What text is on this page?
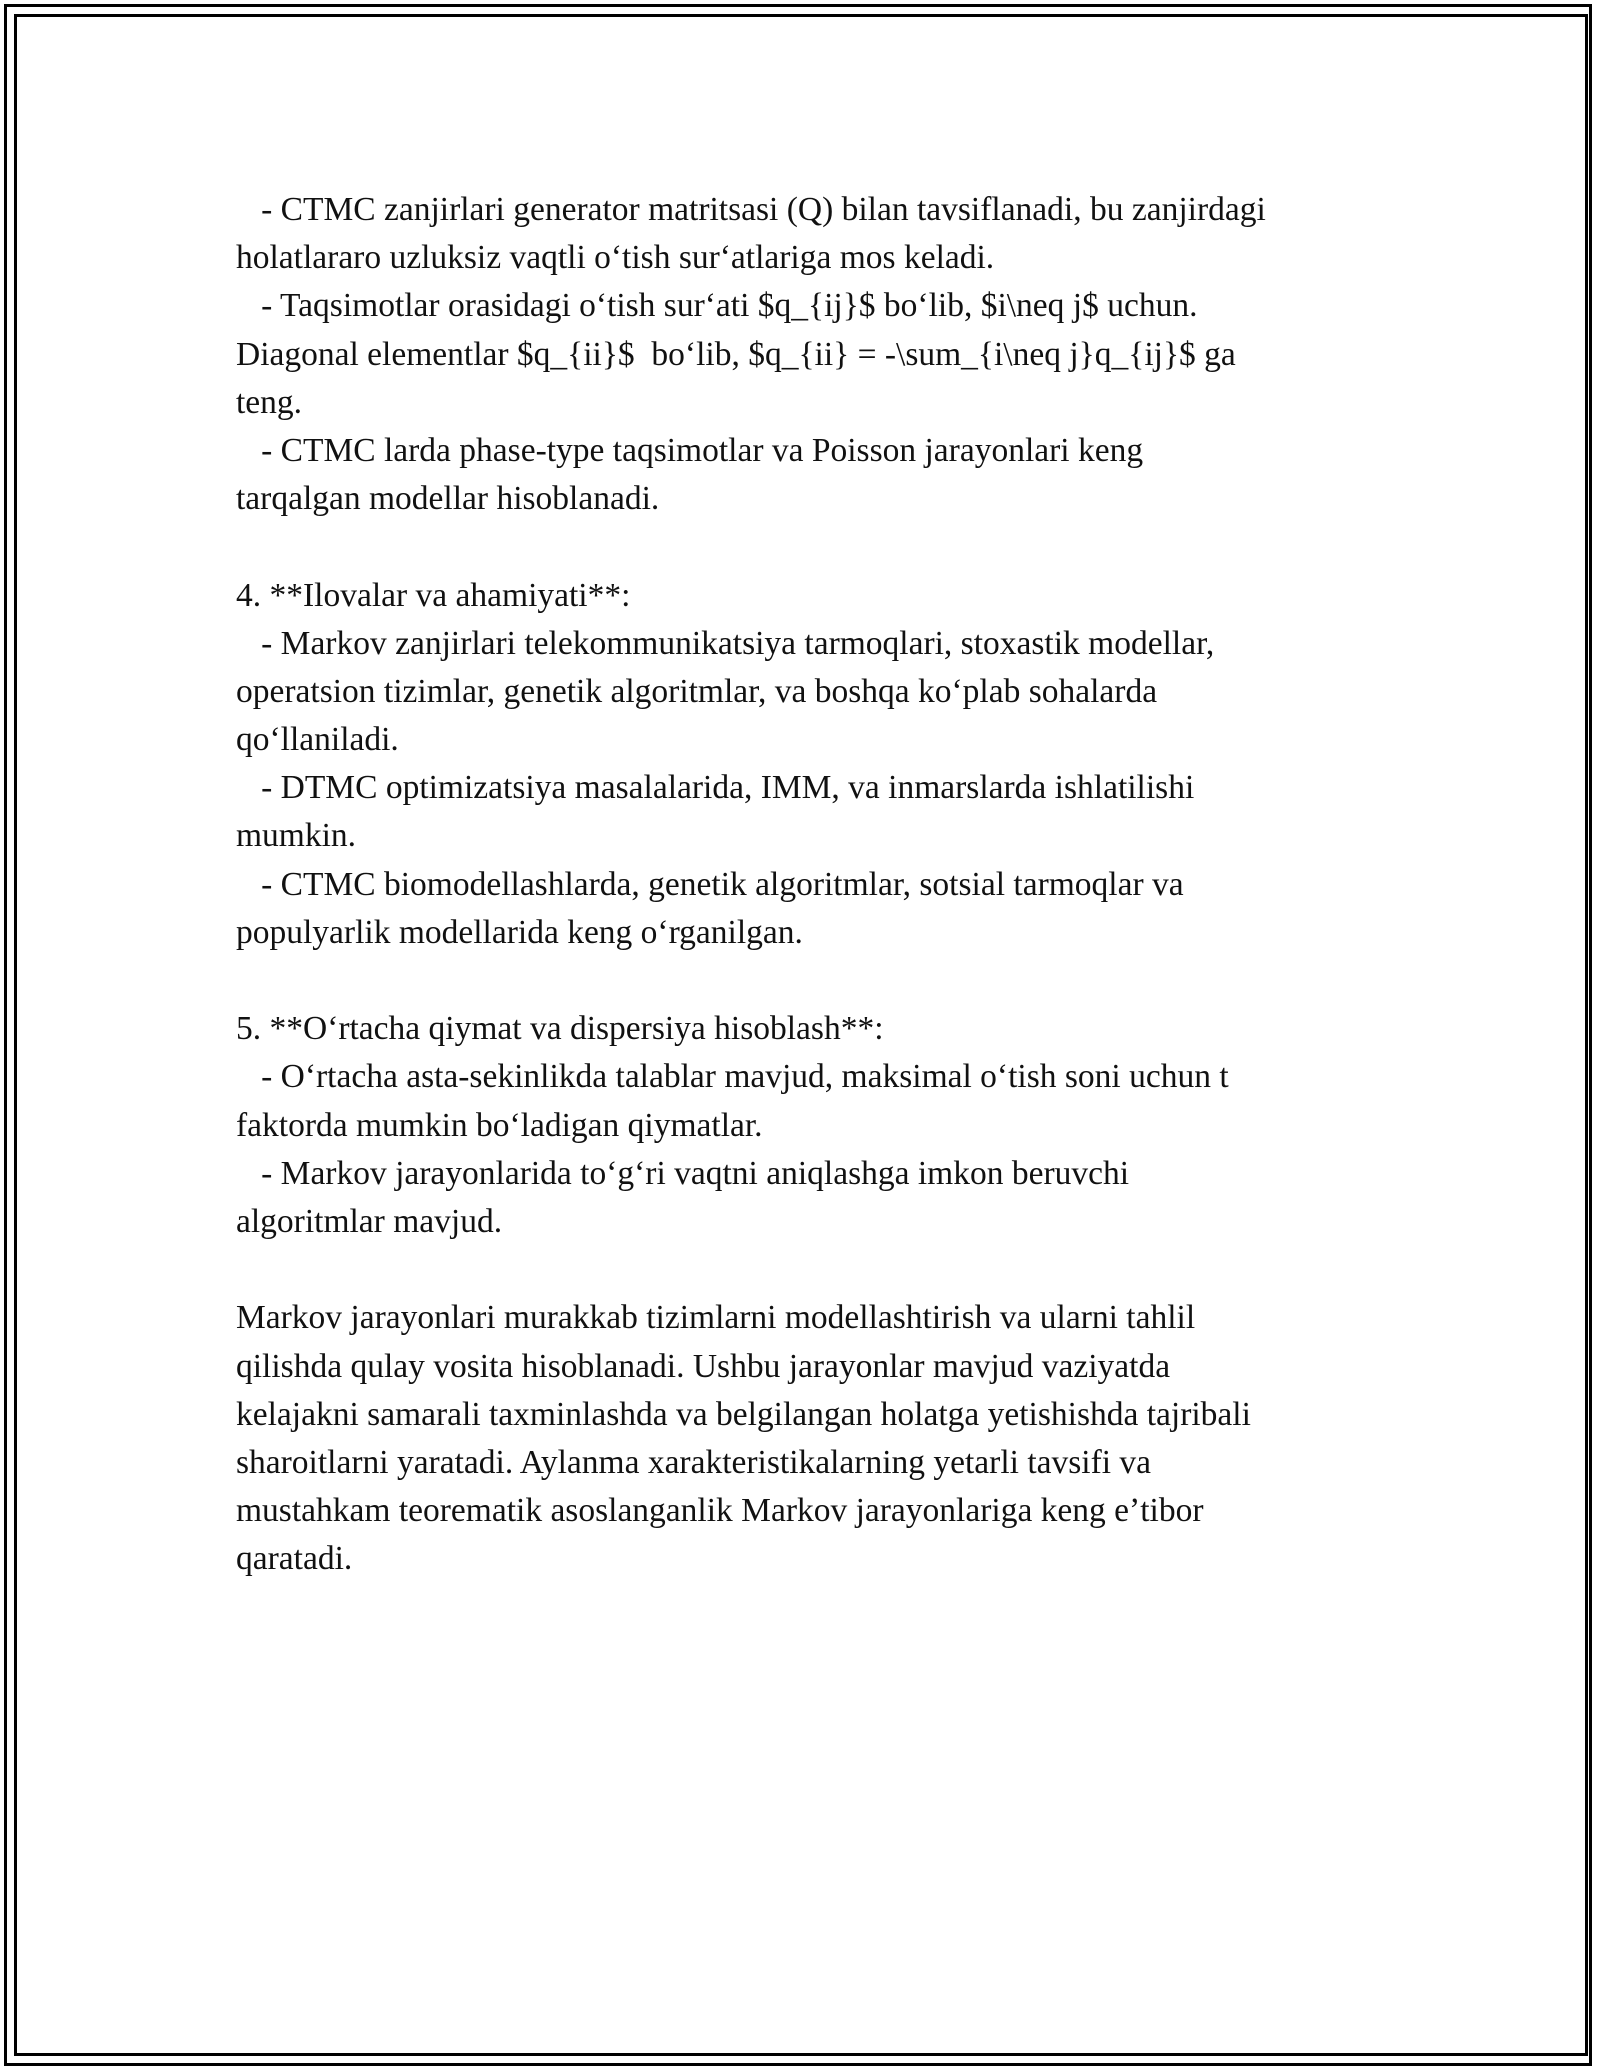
- CTMC zanjirlari generator matritsasi (Q) bilan tavsiflanadi, bu zanjirdagi
holatlararo uzluksiz vaqtli oʻtish surʻatlariga mos keladi.
- Taqsimotlar orasidagi oʻtish surʻati $q_{ij}$ boʻlib, $i\neq j$ uchun.
Diagonal elementlar $q_{ii}$  boʻlib, $q_{ii} = -\sum_{i\neq j}q_{ij}$ ga
teng.
- CTMC larda phase-type taqsimotlar va Poisson jarayonlari keng
tarqalgan modellar hisoblanadi.
4. **Ilovalar va ahamiyati**:
- Markov zanjirlari telekommunikatsiya tarmoqlari, stoxastik modellar,
operatsion tizimlar, genetik algoritmlar, va boshqa koʻplab sohalarda
qoʻllaniladi.
- DTMC optimizatsiya masalalarida, IMM, va inmarslarda ishlatilishi
mumkin.
- CTMC biomodellashlarda, genetik algoritmlar, sotsial tarmoqlar va
populyarlik modellarida keng oʻrganilgan.
5. **Oʻrtacha qiymat va dispersiya hisoblash**:
- Oʻrtacha asta-sekinlikda talablar mavjud, maksimal oʻtish soni uchun t
faktorda mumkin boʻladigan qiymatlar.
- Markov jarayonlarida toʻgʻri vaqtni aniqlashga imkon beruvchi
algoritmlar mavjud.
Markov jarayonlari murakkab tizimlarni modellashtirish va ularni tahlil
qilishda qulay vosita hisoblanadi. Ushbu jarayonlar mavjud vaziyatda
kelajakni samarali taxminlashda va belgilangan holatga yetishishda tajribali
sharoitlarni yaratadi. Aylanma xarakteristikalarning yetarli tavsifi va
mustahkam teorematik asoslanganlik Markov jarayonlariga keng eʼtibor
qaratadi.
